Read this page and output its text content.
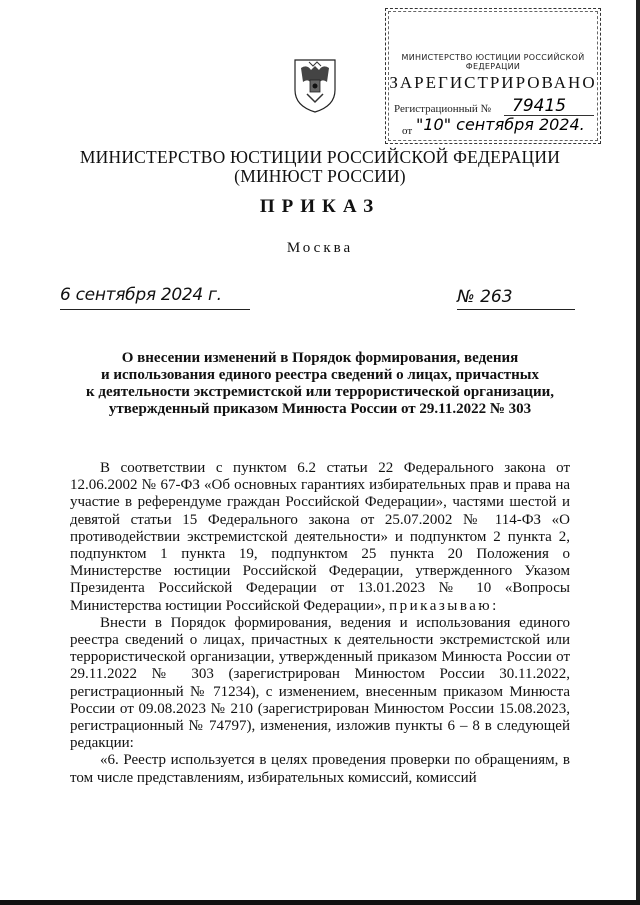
МИНИСТЕРСТВО ЮСТИЦИИ РОССИЙСКОЙ ФЕДЕРАЦИИ
ЗАРЕГИСТРИРОВАНО
Регистрационный № 79415
от "10" сентября 2024.
МИНИСТЕРСТВО ЮСТИЦИИ РОССИЙСКОЙ ФЕДЕРАЦИИ
(МИНЮСТ РОССИИ)
ПРИКАЗ
Москва
6 сентября 2024 г.	№ 263
О внесении изменений в Порядок формирования, ведения
и использования единого реестра сведений о лицах, причастных
к деятельности экстремистской или террористической организации,
утвержденный приказом Минюста России от 29.11.2022 № 303

В соответствии с пунктом 6.2 статьи 22 Федерального закона от 12.06.2002 № 67-ФЗ «Об основных гарантиях избирательных прав и права на участие в референдуме граждан Российской Федерации», частями шестой и девятой статьи 15 Федерального закона от 25.07.2002 № 114-ФЗ «О противодействии экстремистской деятельности» и подпунктом 2 пункта 2, подпунктом 1 пункта 19, подпунктом 25 пункта 20 Положения о Министерстве юстиции Российской Федерации, утвержденного Указом Президента Российской Федерации от 13.01.2023 № 10 «Вопросы Министерства юстиции Российской Федерации», приказываю:

Внести в Порядок формирования, ведения и использования единого реестра сведений о лицах, причастных к деятельности экстремистской или террористической организации, утвержденный приказом Минюста России от 29.11.2022 № 303 (зарегистрирован Минюстом России 30.11.2022, регистрационный № 71234), с изменением, внесенным приказом Минюста России от 09.08.2023 № 210 (зарегистрирован Минюстом России 15.08.2023, регистрационный № 74797), изменения, изложив пункты 6 – 8 в следующей редакции:

«6. Реестр используется в целях проведения проверки по обращениям, в том числе представлениям, избирательных комиссий, комиссий
